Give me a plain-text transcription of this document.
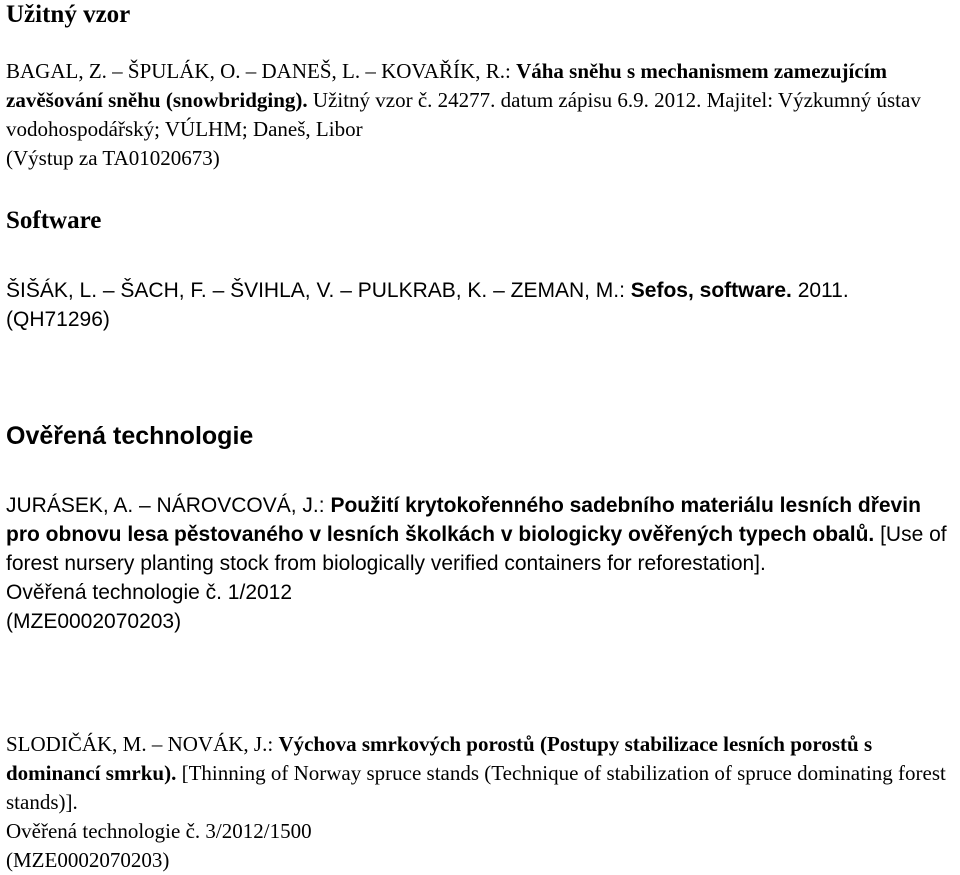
Užitný vzor
BAGAL, Z. – ŠPULÁK, O. – DANEŠ, L. – KOVAŘÍK, R.: Váha sněhu s mechanismem zamezujícím zavěšování sněhu (snowbridging). Užitný vzor č. 24277. datum zápisu 6.9. 2012. Majitel: Výzkumný ústav vodohospodářský; VÚLHM; Daneš, Libor
(Výstup za TA01020673)
Software
ŠIŠÁK, L. – ŠACH, F. – ŠVIHLA, V. – PULKRAB, K. – ZEMAN, M.: Sefos, software. 2011.
(QH71296)
Ověřená technologie
JURÁSEK, A. – NÁROVCOVÁ, J.: Použití krytokořenného sadebního materiálu lesních dřevin pro obnovu lesa pěstovaného v lesních školkách v biologicky ověřených typech obalů. [Use of forest nursery planting stock from biologically verified containers for reforestation].
Ověřená technologie č. 1/2012
(MZE0002070203)
SLODIČÁK, M. – NOVÁK, J.: Výchova smrkových porostů (Postupy stabilizace lesních porostů s dominancí smrku). [Thinning of Norway spruce stands (Technique of stabilization of spruce dominating forest stands)].
Ověřená technologie č. 3/2012/1500
(MZE0002070203)
